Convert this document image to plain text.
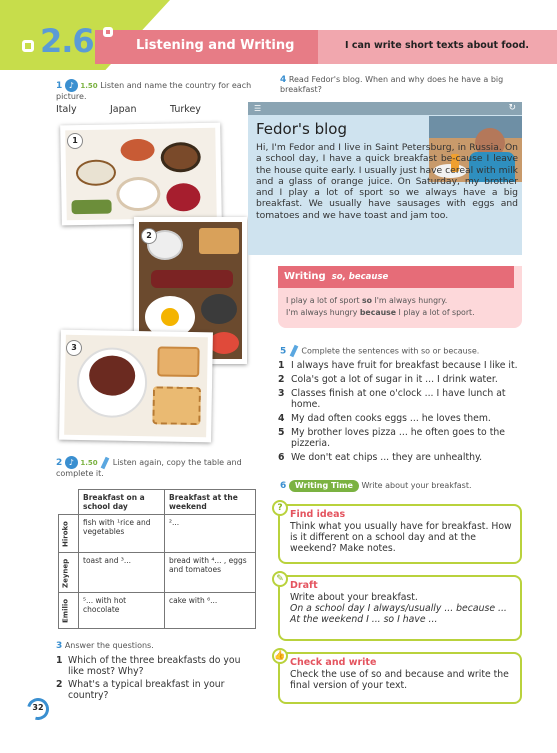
2.6	Listening and Writing	I can write short texts about food.
1 ♪ 1.50 Listen and name the country for each picture.
Italy	Japan	Turkey
1
2
3
2 ♪ 1.50 Listen again, copy the table and complete it.
	Breakfast on a school day	Breakfast at the weekend
Hiroko	fish with ¹rice and vegetables	²...
Zeynep	toast and ³...	bread with ⁴... , eggs and tomatoes
Emilio	⁵... with hot chocolate	cake with ⁶...
3 Answer the questions.
1 Which of the three breakfasts do you like most? Why?
2 What's a typical breakfast in your country?
32
4 Read Fedor's blog. When and why does he have a big breakfast?
☰	↻
Fedor's blog
Hi, I'm Fedor and I live in Saint Petersburg, in Russia. On a school day, I have a quick breakfast be-cause I leave the house quite early. I usually just have cereal with milk and a glass of orange juice. On Saturday, my brother and I play a lot of sport so we always have a big breakfast. We usually have sausages with eggs and tomatoes and we have toast and jam too.
Writing so, because
I play a lot of sport so I'm always hungry.
I'm always hungry because I play a lot of sport.
5 Complete the sentences with so or because.
1 I always have fruit for breakfast because I like it.
2 Cola's got a lot of sugar in it ... I drink water.
3 Classes finish at one o'clock ... I have lunch at home.
4 My dad often cooks eggs ... he loves them.
5 My brother loves pizza ... he often goes to the pizzeria.
6 We don't eat chips ... they are unhealthy.
6 Writing Time Write about your breakfast.
?
Find ideas

Think what you usually have for breakfast. How is it different on a school day and at the weekend? Make notes.

✎
Draft

Write about your breakfast.

On a school day I always/usually ... because ...

At the weekend I ... so I have ...

👍
Check and write

Check the use of so and because and write the final version of your text.
